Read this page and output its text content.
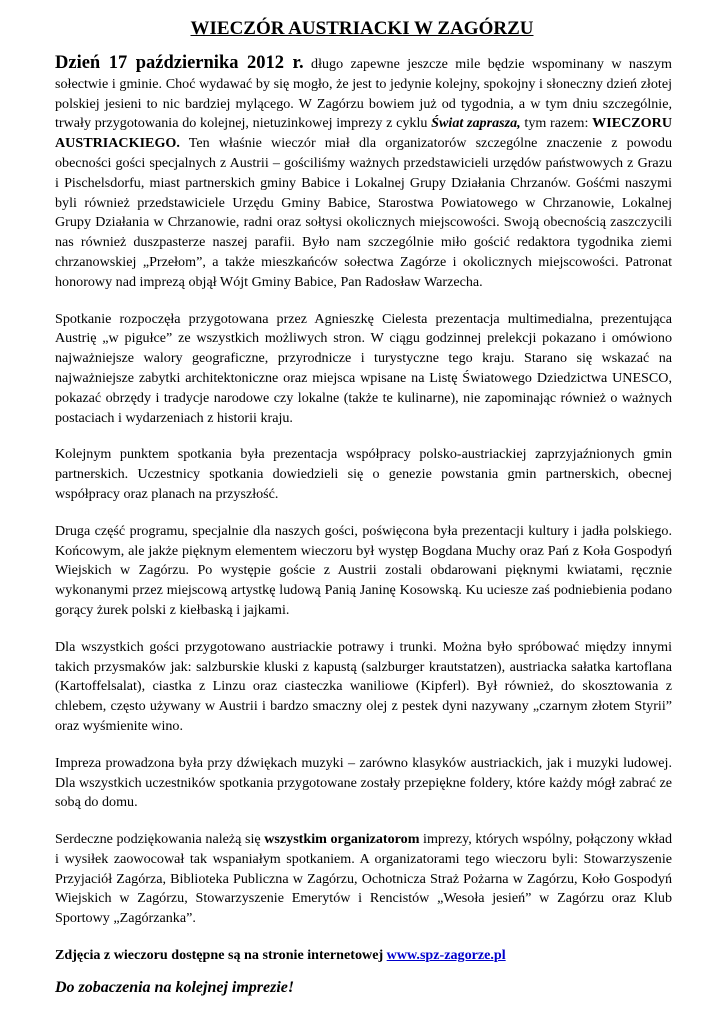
WIECZÓR AUSTRIACKI W ZAGÓRZU

Dzień 17 października 2012 r. długo zapewne jeszcze mile będzie wspominany w naszym sołectwie i gminie. Choć wydawać by się mogło, że jest to jedynie kolejny, spokojny i słoneczny dzień złotej polskiej jesieni to nic bardziej mylącego. W Zagórzu bowiem już od tygodnia, a w tym dniu szczególnie, trwały przygotowania do kolejnej, nietuzinkowej imprezy z cyklu Świat zaprasza, tym razem: WIECZORU AUSTRIACKIEGO. Ten właśnie wieczór miał dla organizatorów szczególne znaczenie z powodu obecności gości specjalnych z Austrii – gościliśmy ważnych przedstawicieli urzędów państwowych z Grazu i Pischelsdorfu, miast partnerskich gminy Babice i Lokalnej Grupy Działania Chrzanów. Gośćmi naszymi byli również przedstawiciele Urzędu Gminy Babice, Starostwa Powiatowego w Chrzanowie, Lokalnej Grupy Działania w Chrzanowie, radni oraz sołtysi okolicznych miejscowości. Swoją obecnością zaszczycili nas również duszpasterze naszej parafii. Było nam szczególnie miło gościć redaktora tygodnika ziemi chrzanowskiej „Przełom”, a także mieszkańców sołectwa Zagórze i okolicznych miejscowości. Patronat honorowy nad imprezą objął Wójt Gminy Babice, Pan Radosław Warzecha.

Spotkanie rozpoczęła przygotowana przez Agnieszkę Cielesta prezentacja multimedialna, prezentująca Austrię „w pigułce” ze wszystkich możliwych stron. W ciągu godzinnej prelekcji pokazano i omówiono najważniejsze walory geograficzne, przyrodnicze i turystyczne tego kraju. Starano się wskazać na najważniejsze zabytki architektoniczne oraz miejsca wpisane na Listę Światowego Dziedzictwa UNESCO, pokazać obrzędy i tradycje narodowe czy lokalne (także te kulinarne), nie zapominając również o ważnych postaciach i wydarzeniach z historii kraju.

Kolejnym punktem spotkania była prezentacja współpracy polsko-austriackiej zaprzyjaźnionych gmin partnerskich. Uczestnicy spotkania dowiedzieli się o genezie powstania gmin partnerskich, obecnej współpracy oraz planach na przyszłość.

Druga część programu, specjalnie dla naszych gości, poświęcona była prezentacji kultury i jadła polskiego. Końcowym, ale jakże pięknym elementem wieczoru był występ Bogdana Muchy oraz Pań z Koła Gospodyń Wiejskich w Zagórzu. Po występie goście z Austrii zostali obdarowani pięknymi kwiatami, ręcznie wykonanymi przez miejscową artystkę ludową Panią Janinę Kosowską. Ku uciesze zaś podniebienia podano gorący żurek polski z kiełbaską i jajkami.

Dla wszystkich gości przygotowano austriackie potrawy i trunki. Można było spróbować między innymi takich przysmaków jak: salzburskie kluski z kapustą (salzburger krautstatzen), austriacka sałatka kartoflana (Kartoffelsalat), ciastka z Linzu oraz ciasteczka waniliowe (Kipferl). Był również, do skosztowania z chlebem, często używany w Austrii i bardzo smaczny olej z pestek dyni nazywany „czarnym złotem Styrii” oraz wyśmienite wino.

Impreza prowadzona była przy dźwiękach muzyki – zarówno klasyków austriackich, jak i muzyki ludowej. Dla wszystkich uczestników spotkania przygotowane zostały przepiękne foldery, które każdy mógł zabrać ze sobą do domu.

Serdeczne podziękowania należą się wszystkim organizatorom imprezy, których wspólny, połączony wkład i wysiłek zaowocował tak wspaniałym spotkaniem. A organizatorami tego wieczoru byli: Stowarzyszenie Przyjaciół Zagórza, Biblioteka Publiczna w Zagórzu, Ochotnicza Straż Pożarna w Zagórzu, Koło Gospodyń Wiejskich w Zagórzu, Stowarzyszenie Emerytów i Rencistów „Wesoła jesień” w Zagórzu oraz Klub Sportowy „Zagórzanka”.

Zdjęcia z wieczoru dostępne są na stronie internetowej www.spz-zagorze.pl

Do zobaczenia na kolejnej imprezie!
